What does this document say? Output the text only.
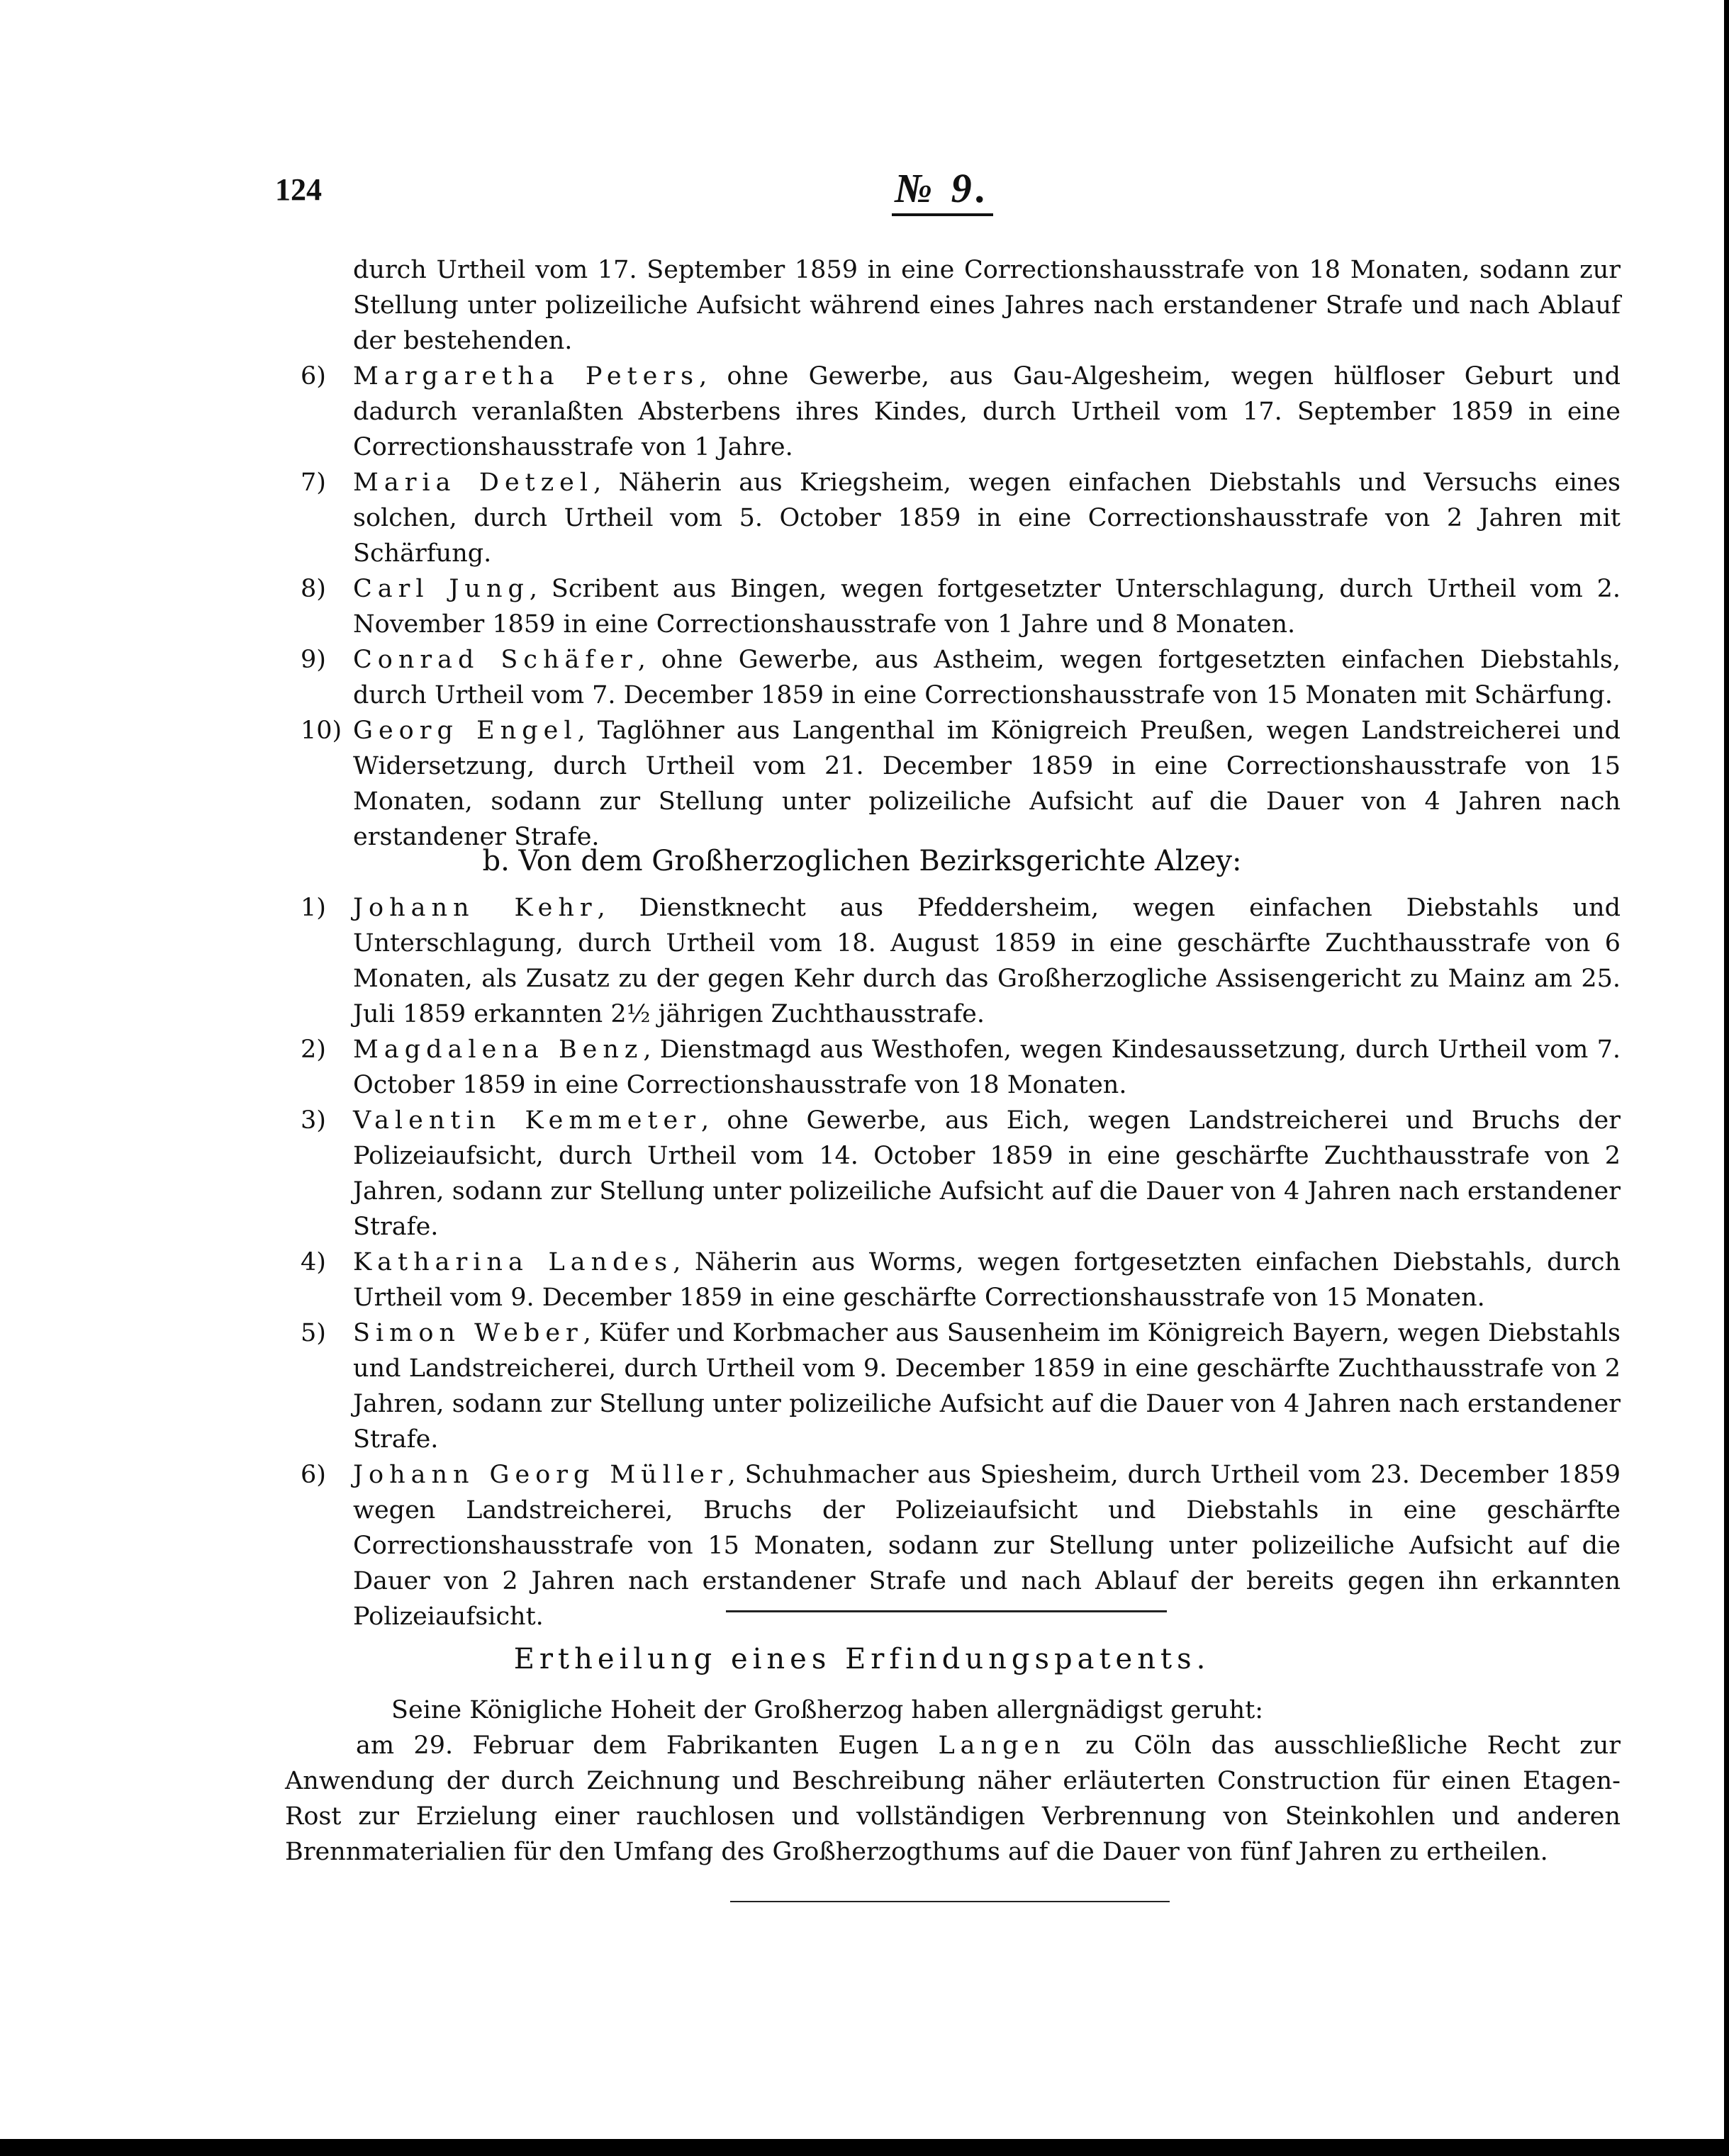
124	№ 9.

durch Urtheil vom 17. September 1859 in eine Correctionshausstrafe von 18 Monaten, sodann zur Stellung unter polizeiliche Aufsicht während eines Jahres nach erstandener Strafe und nach Ablauf der bestehenden.

6)	Margaretha Peters, ohne Gewerbe, aus Gau-Algesheim, wegen hülfloser Geburt und dadurch veranlaßten Absterbens ihres Kindes, durch Urtheil vom 17. September 1859 in eine Correctionshausstrafe von 1 Jahre.

7)	Maria Detzel, Näherin aus Kriegsheim, wegen einfachen Diebstahls und Versuchs eines solchen, durch Urtheil vom 5. October 1859 in eine Correctionshausstrafe von 2 Jahren mit Schärfung.

8)	Carl Jung, Scribent aus Bingen, wegen fortgesetzter Unterschlagung, durch Urtheil vom 2. November 1859 in eine Correctionshausstrafe von 1 Jahre und 8 Monaten.

9)	Conrad Schäfer, ohne Gewerbe, aus Astheim, wegen fortgesetzten einfachen Diebstahls, durch Urtheil vom 7. December 1859 in eine Correctionshausstrafe von 15 Monaten mit Schärfung.

10) Georg Engel, Taglöhner aus Langenthal im Königreich Preußen, wegen Landstreicherei und Widersetzung, durch Urtheil vom 21. December 1859 in eine Correctionshausstrafe von 15 Monaten, sodann zur Stellung unter polizeiliche Aufsicht auf die Dauer von 4 Jahren nach erstandener Strafe.

b. Von dem Großherzoglichen Bezirksgerichte Alzey:

1)	Johann Kehr, Dienstknecht aus Pfeddersheim, wegen einfachen Diebstahls und Unterschlagung, durch Urtheil vom 18. August 1859 in eine geschärfte Zuchthausstrafe von 6 Monaten, als Zusatz zu der gegen Kehr durch das Großherzogliche Assisengericht zu Mainz am 25. Juli 1859 erkannten 2½ jährigen Zuchthausstrafe.

2)	Magdalena Benz, Dienstmagd aus Westhofen, wegen Kindesaussetzung, durch Urtheil vom 7. October 1859 in eine Correctionshausstrafe von 18 Monaten.

3)	Valentin Kemmeter, ohne Gewerbe, aus Eich, wegen Landstreicherei und Bruchs der Polizeiaufsicht, durch Urtheil vom 14. October 1859 in eine geschärfte Zuchthausstrafe von 2 Jahren, sodann zur Stellung unter polizeiliche Aufsicht auf die Dauer von 4 Jahren nach erstandener Strafe.

4)	Katharina Landes, Näherin aus Worms, wegen fortgesetzten einfachen Diebstahls, durch Urtheil vom 9. December 1859 in eine geschärfte Correctionshausstrafe von 15 Monaten.

5)	Simon Weber, Küfer und Korbmacher aus Sausenheim im Königreich Bayern, wegen Diebstahls und Landstreicherei, durch Urtheil vom 9. December 1859 in eine geschärfte Zuchthausstrafe von 2 Jahren, sodann zur Stellung unter polizeiliche Aufsicht auf die Dauer von 4 Jahren nach erstandener Strafe.

6)	Johann Georg Müller, Schuhmacher aus Spiesheim, durch Urtheil vom 23. December 1859 wegen Landstreicherei, Bruchs der Polizeiaufsicht und Diebstahls in eine geschärfte Correctionshausstrafe von 15 Monaten, sodann zur Stellung unter polizeiliche Aufsicht auf die Dauer von 2 Jahren nach erstandener Strafe und nach Ablauf der bereits gegen ihn erkannten Polizeiaufsicht.

Ertheilung eines Erfindungspatents.

Seine Königliche Hoheit der Großherzog haben allergnädigst geruht:

am 29. Februar dem Fabrikanten Eugen Langen zu Cöln das ausschließliche Recht zur Anwendung der durch Zeichnung und Beschreibung näher erläuterten Construction für einen Etagen-Rost zur Erzielung einer rauchlosen und vollständigen Verbrennung von Steinkohlen und anderen Brennmaterialien für den Umfang des Großherzogthums auf die Dauer von fünf Jahren zu ertheilen.
